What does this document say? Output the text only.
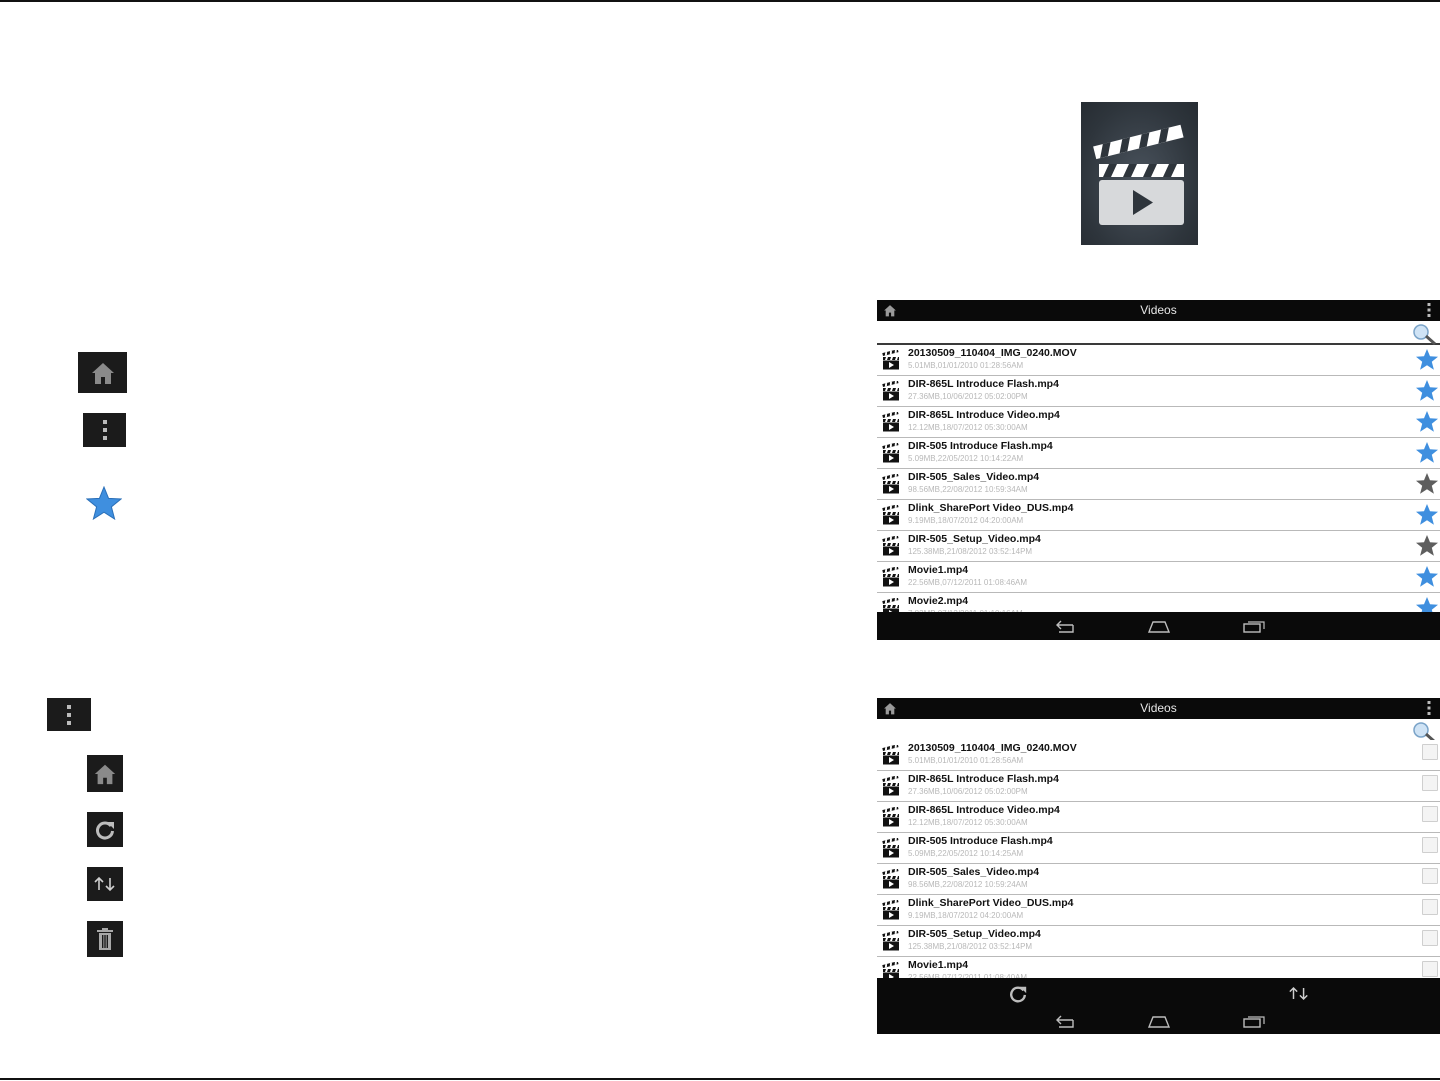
Videos
20130509_110404_IMG_0240.MOV
5.01MB,01/01/2010 01:28:56AM
DIR-865L Introduce Flash.mp4
27.36MB,10/06/2012 05:02:00PM
DIR-865L Introduce Video.mp4
12.12MB,18/07/2012 05:30:00AM
DIR-505 Introduce Flash.mp4
5.09MB,22/05/2012 10:14:22AM
DIR-505_Sales_Video.mp4
98.56MB,22/08/2012 10:59:34AM
Dlink_SharePort Video_DUS.mp4
9.19MB,18/07/2012 04:20:00AM
DIR-505_Setup_Video.mp4
125.38MB,21/08/2012 03:52:14PM
Movie1.mp4
22.56MB,07/12/2011 01:08:46AM
Movie2.mp4
Videos
20130509_110404_IMG_0240.MOV
5.01MB,01/01/2010 01:28:56AM
DIR-865L Introduce Flash.mp4
27.36MB,10/06/2012 05:02:00PM
DIR-865L Introduce Video.mp4
12.12MB,18/07/2012 05:30:00AM
DIR-505 Introduce Flash.mp4
5.09MB,22/05/2012 10:14:25AM
DIR-505_Sales_Video.mp4
98.56MB,22/08/2012 10:59:24AM
Dlink_SharePort Video_DUS.mp4
9.19MB,18/07/2012 04:20:00AM
DIR-505_Setup_Video.mp4
125.38MB,21/08/2012 03:52:14PM
Movie1.mp4
